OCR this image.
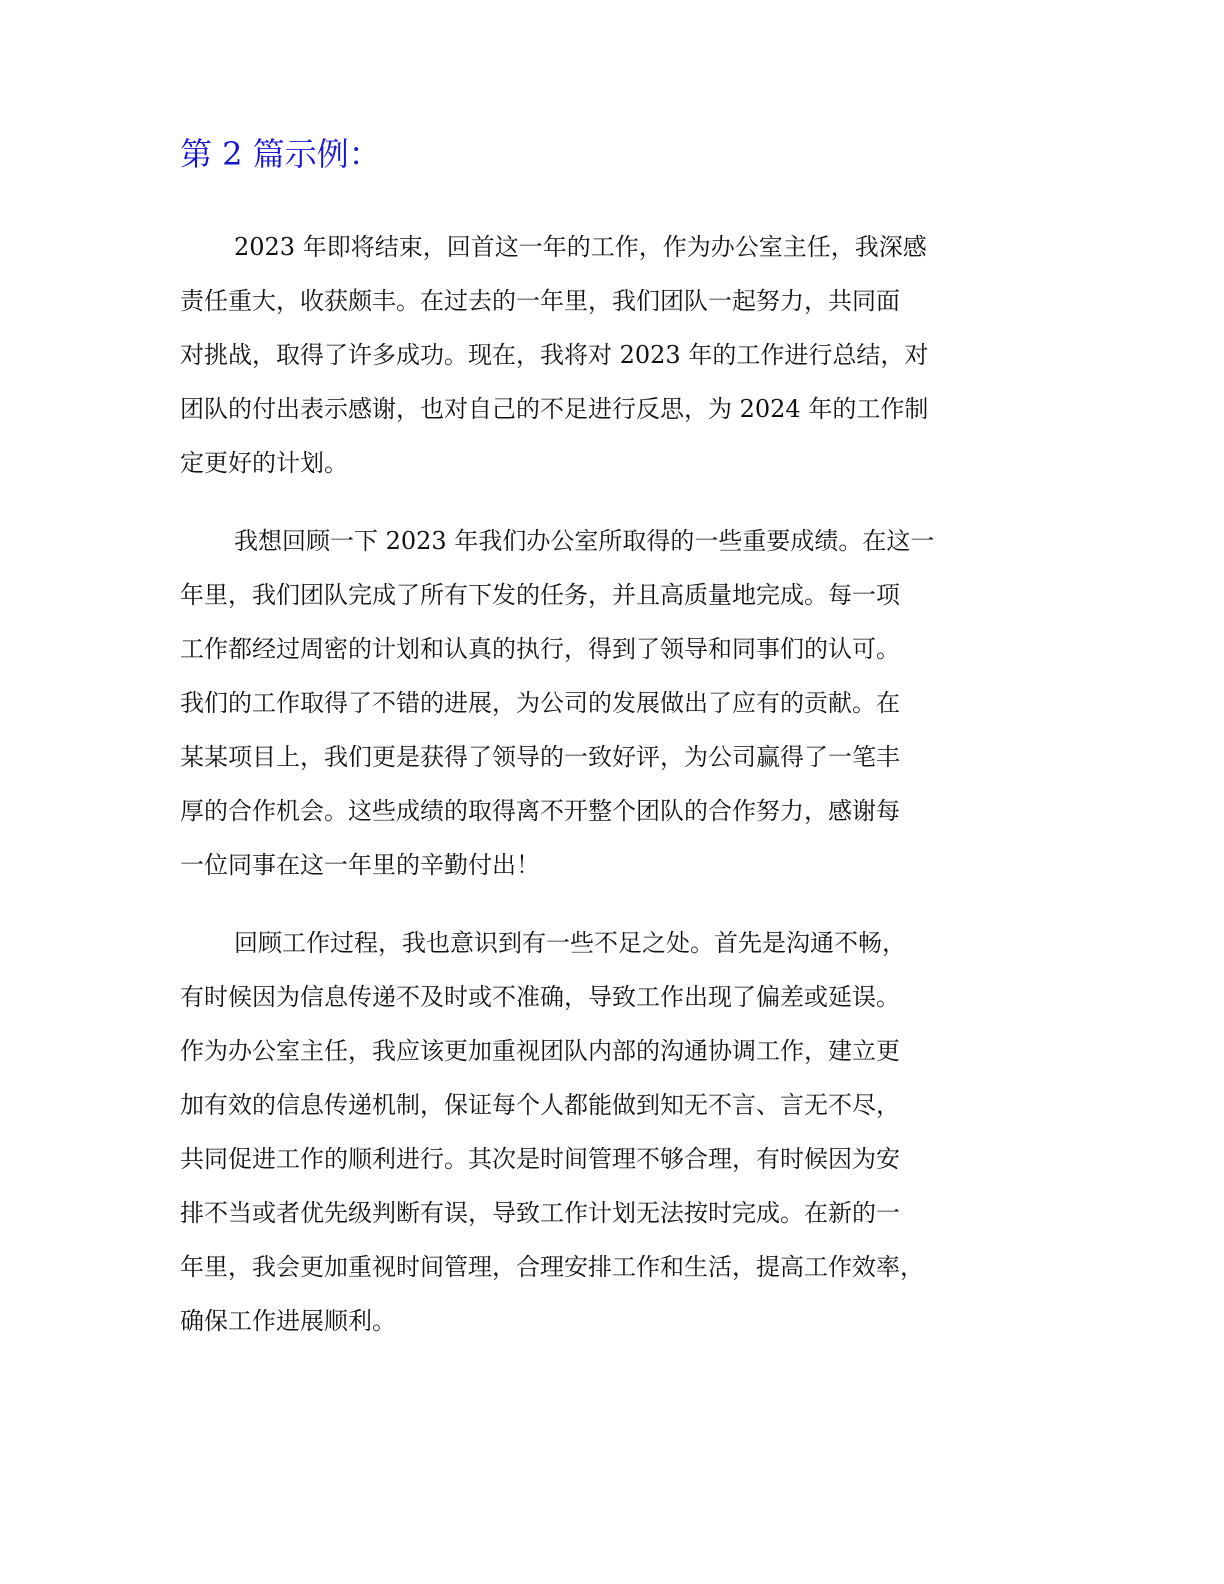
第 2 篇示例：
2023 年即将结束，回首这一年的工作，作为办公室主任，我深感
责任重大，收获颇丰。在过去的一年里，我们团队一起努力，共同面
对挑战，取得了许多成功。现在，我将对 2023 年的工作进行总结，对
团队的付出表示感谢，也对自己的不足进行反思，为 2024 年的工作制
定更好的计划。
我想回顾一下 2023 年我们办公室所取得的一些重要成绩。在这一
年里，我们团队完成了所有下发的任务，并且高质量地完成。每一项
工作都经过周密的计划和认真的执行，得到了领导和同事们的认可。
我们的工作取得了不错的进展，为公司的发展做出了应有的贡献。在
某某项目上，我们更是获得了领导的一致好评，为公司赢得了一笔丰
厚的合作机会。这些成绩的取得离不开整个团队的合作努力，感谢每
一位同事在这一年里的辛勤付出！
回顾工作过程，我也意识到有一些不足之处。首先是沟通不畅，
有时候因为信息传递不及时或不准确，导致工作出现了偏差或延误。
作为办公室主任，我应该更加重视团队内部的沟通协调工作，建立更
加有效的信息传递机制，保证每个人都能做到知无不言、言无不尽，
共同促进工作的顺利进行。其次是时间管理不够合理，有时候因为安
排不当或者优先级判断有误，导致工作计划无法按时完成。在新的一
年里，我会更加重视时间管理，合理安排工作和生活，提高工作效率，
确保工作进展顺利。
